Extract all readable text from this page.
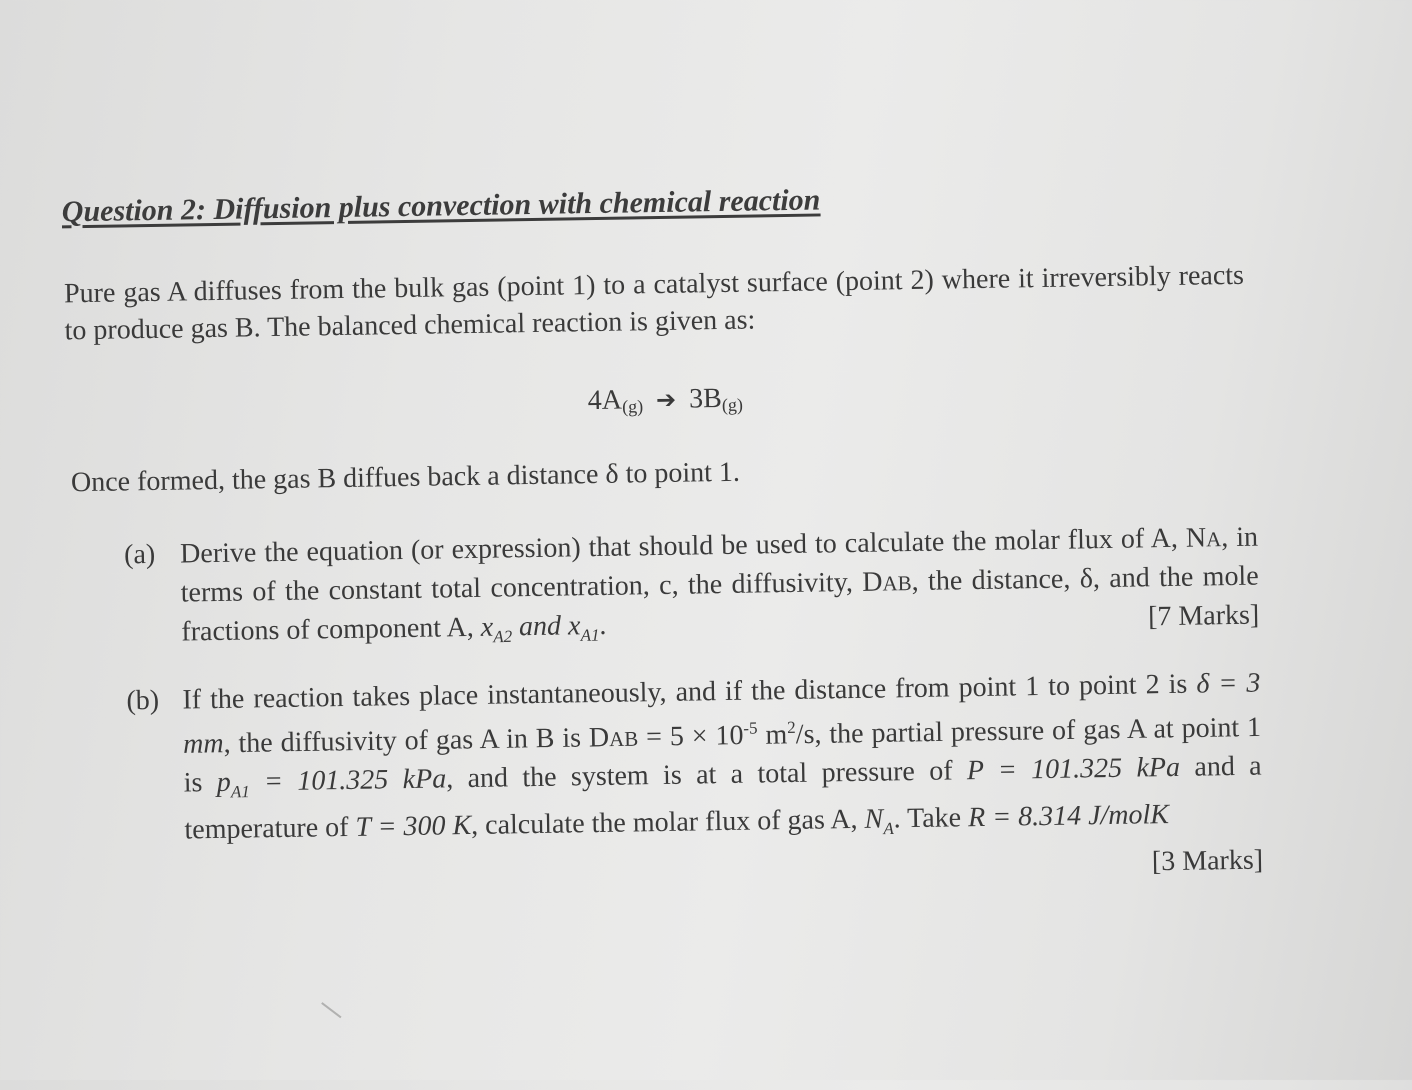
Question 2: Diffusion plus convection with chemical reaction
Pure gas A diffuses from the bulk gas (point 1) to a catalyst surface (point 2) where it irreversibly reacts to produce gas B. The balanced chemical reaction is given as:
$4A_{(g)}$ ➔ $3B_{(g)}$
Once formed, the gas B diffues back a distance δ to point 1.
(a) Derive the equation (or expression) that should be used to calculate the molar flux of A, NA, in terms of the constant total concentration, c, the diffusivity, DAB, the distance, δ, and the mole fractions of component A, $x_{A2}$ and $x_{A1}$.	[7 Marks]
(b) If the reaction takes place instantaneously, and if the distance from point 1 to point 2 is δ = 3 mm, the diffusivity of gas A in B is DAB = $5 \times 10^{-5}$ $m^2/s$, the partial pressure of gas A at point 1 is $p_{A1} = 101.325$ kPa, and the system is at a total pressure of P = 101.325 kPa and a temperature of T = 300 K, calculate the molar flux of gas A, $N_A$. Take R = 8.314 J/molK
[3 Marks]
